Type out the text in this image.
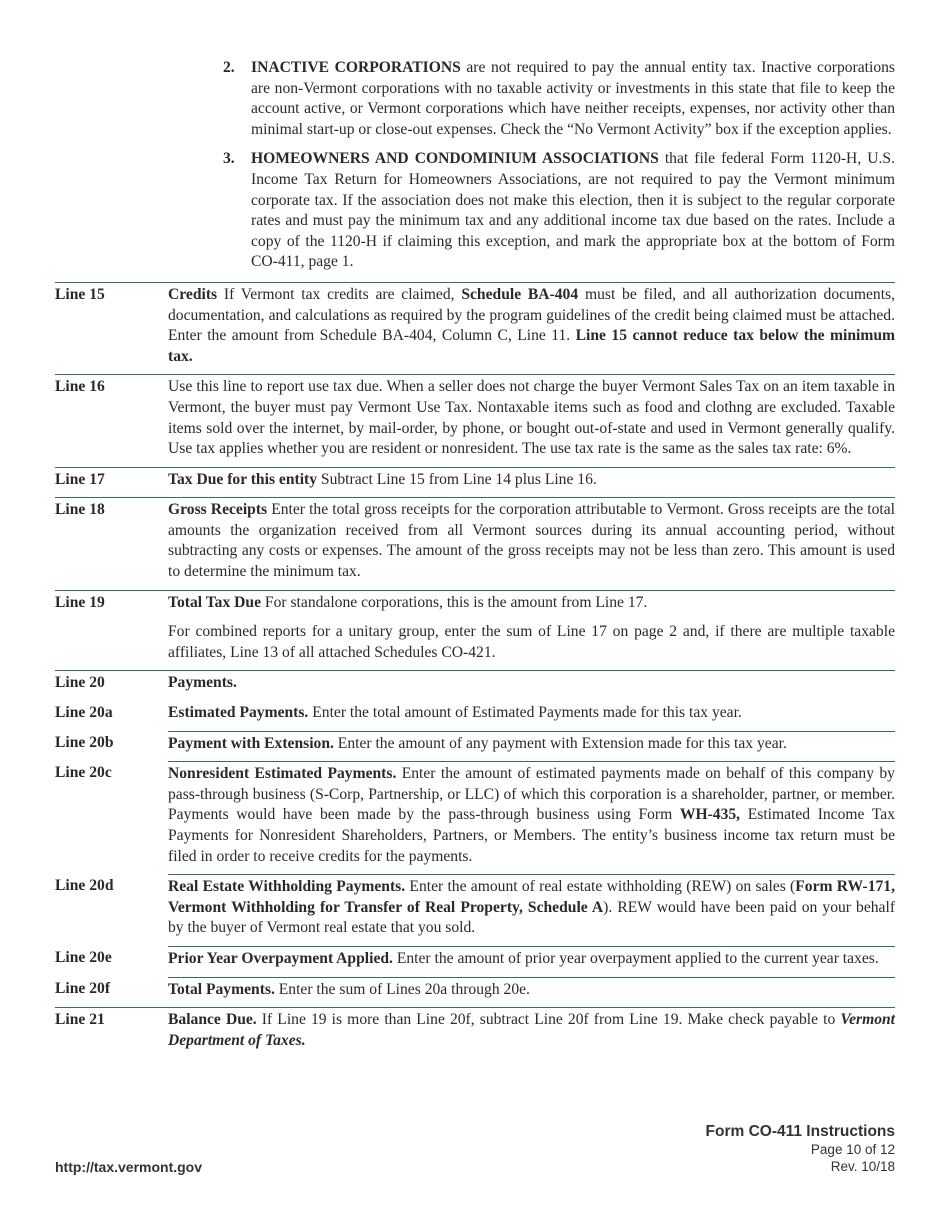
2.	INACTIVE CORPORATIONS are not required to pay the annual entity tax. Inactive corporations are non-Vermont corporations with no taxable activity or investments in this state that file to keep the account active, or Vermont corporations which have neither receipts, expenses, nor activity other than minimal start-up or close-out expenses. Check the “No Vermont Activity” box if the exception applies.
3.	HOMEOWNERS AND CONDOMINIUM ASSOCIATIONS that file federal Form 1120-H, U.S. Income Tax Return for Homeowners Associations, are not required to pay the Vermont minimum corporate tax. If the association does not make this election, then it is subject to the regular corporate rates and must pay the minimum tax and any additional income tax due based on the rates. Include a copy of the 1120-H if claiming this exception, and mark the appropriate box at the bottom of Form CO-411, page 1.
Line 15	Credits If Vermont tax credits are claimed, Schedule BA-404 must be filed, and all authorization documents, documentation, and calculations as required by the program guidelines of the credit being claimed must be attached. Enter the amount from Schedule BA-404, Column C, Line 11. Line 15 cannot reduce tax below the minimum tax.
Line 16	Use this line to report use tax due. When a seller does not charge the buyer Vermont Sales Tax on an item taxable in Vermont, the buyer must pay Vermont Use Tax. Nontaxable items such as food and clothng are excluded. Taxable items sold over the internet, by mail-order, by phone, or bought out-of-state and used in Vermont generally qualify. Use tax applies whether you are resident or nonresident. The use tax rate is the same as the sales tax rate: 6%.
Line 17	Tax Due for this entity Subtract Line 15 from Line 14 plus Line 16.
Line 18	Gross Receipts Enter the total gross receipts for the corporation attributable to Vermont. Gross receipts are the total amounts the organization received from all Vermont sources during its annual accounting period, without subtracting any costs or expenses. The amount of the gross receipts may not be less than zero. This amount is used to determine the minimum tax.
Line 19	Total Tax Due For standalone corporations, this is the amount from Line 17.
For combined reports for a unitary group, enter the sum of Line 17 on page 2 and, if there are multiple taxable affiliates, Line 13 of all attached Schedules CO-421.
Line 20	Payments.
Line 20a	Estimated Payments. Enter the total amount of Estimated Payments made for this tax year.
Line 20b	Payment with Extension. Enter the amount of any payment with Extension made for this tax year.
Line 20c	Nonresident Estimated Payments. Enter the amount of estimated payments made on behalf of this company by pass-through business (S-Corp, Partnership, or LLC) of which this corporation is a shareholder, partner, or member. Payments would have been made by the pass-through business using Form WH-435, Estimated Income Tax Payments for Nonresident Shareholders, Partners, or Members. The entity’s business income tax return must be filed in order to receive credits for the payments.
Line 20d	Real Estate Withholding Payments. Enter the amount of real estate withholding (REW) on sales (Form RW-171, Vermont Withholding for Transfer of Real Property, Schedule A). REW would have been paid on your behalf by the buyer of Vermont real estate that you sold.
Line 20e	Prior Year Overpayment Applied. Enter the amount of prior year overpayment applied to the current year taxes.
Line 20f	Total Payments. Enter the sum of Lines 20a through 20e.
Line 21	Balance Due. If Line 19 is more than Line 20f, subtract Line 20f from Line 19. Make check payable to Vermont Department of Taxes.
Form CO-411 Instructions
Page 10 of 12
Rev. 10/18
http://tax.vermont.gov
